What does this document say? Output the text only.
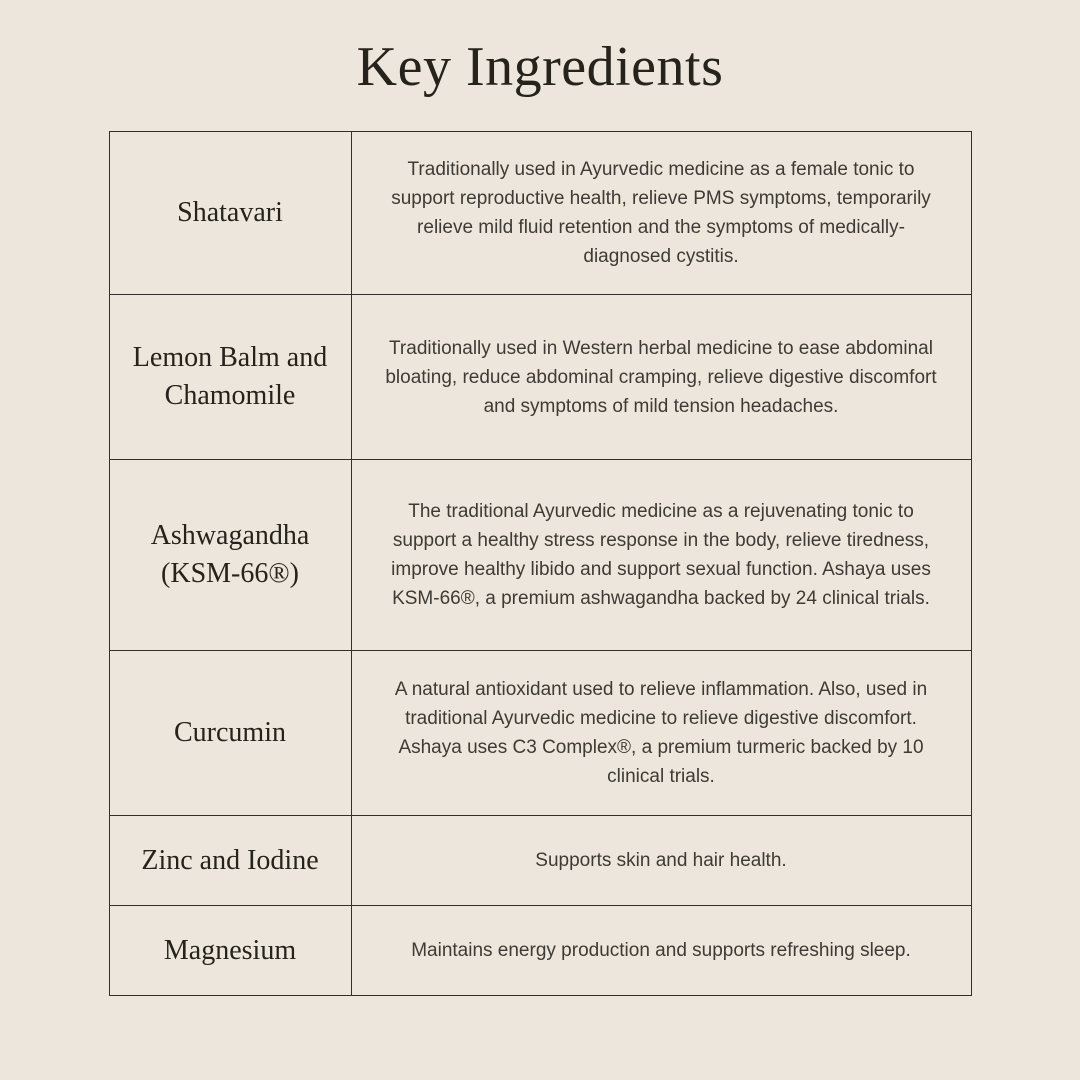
Key Ingredients
Shatavari	Traditionally used in Ayurvedic medicine as a female tonic to support reproductive health, relieve PMS symptoms, temporarily relieve mild fluid retention and the symptoms of medically-diagnosed cystitis.
Lemon Balm and Chamomile	Traditionally used in Western herbal medicine to ease abdominal bloating, reduce abdominal cramping, relieve digestive discomfort and symptoms of mild tension headaches.
Ashwagandha (KSM-66®)	The traditional Ayurvedic medicine as a rejuvenating tonic to support a healthy stress response in the body, relieve tiredness, improve healthy libido and support sexual function. Ashaya uses KSM-66®, a premium ashwagandha backed by 24 clinical trials.
Curcumin	A natural antioxidant used to relieve inflammation. Also, used in traditional Ayurvedic medicine to relieve digestive discomfort. Ashaya uses C3 Complex®, a premium turmeric backed by 10 clinical trials.
Zinc and Iodine	Supports skin and hair health.
Magnesium	Maintains energy production and supports refreshing sleep.
